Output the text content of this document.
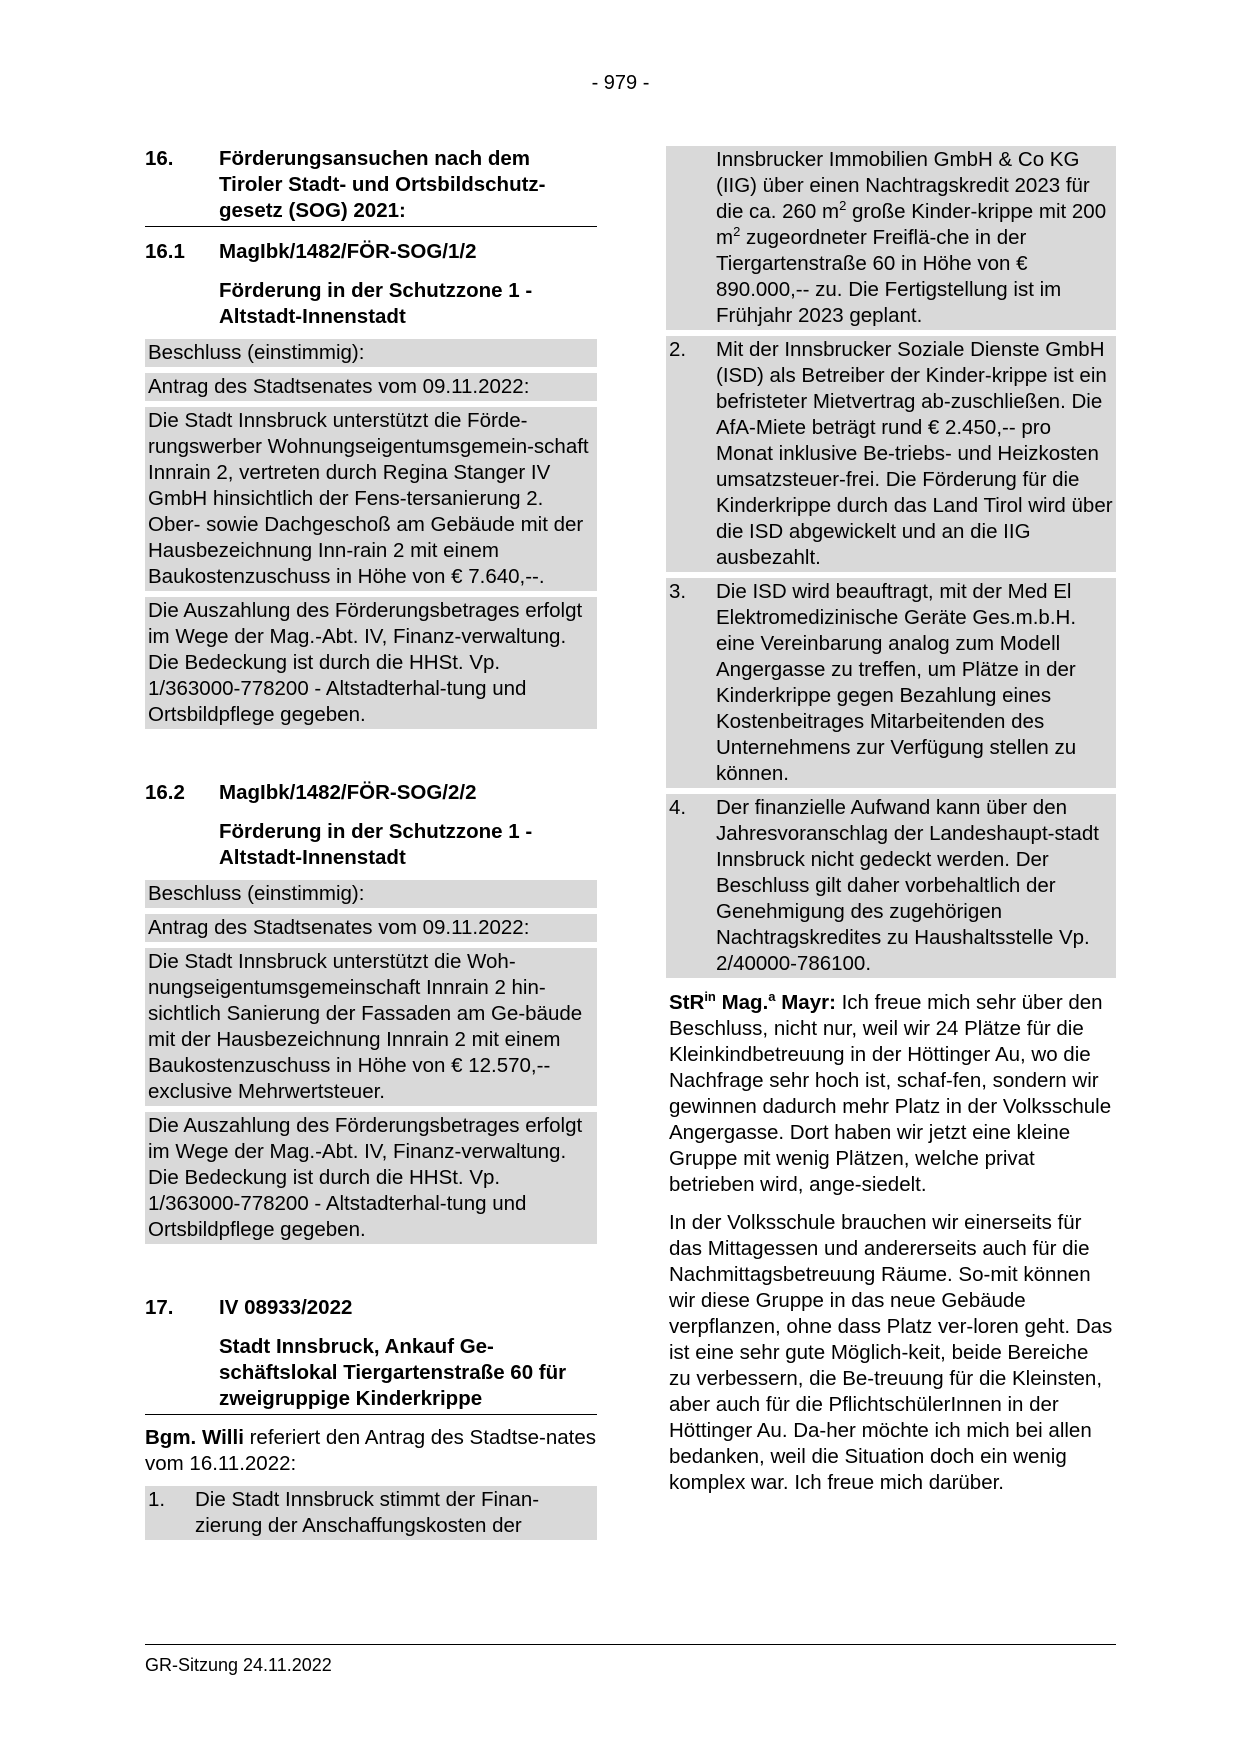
- 979 -
16.	Förderungsansuchen nach dem Tiroler Stadt- und Ortsbildschutz-gesetz (SOG) 2021:
16.1	MagIbk/1482/FÖR-SOG/1/2
Förderung in der Schutzzone 1 - Altstadt-Innenstadt
Beschluss (einstimmig):
Antrag des Stadtsenates vom 09.11.2022:
Die Stadt Innsbruck unterstützt die Förde-rungswerber Wohnungseigentumsgemein-schaft Innrain 2, vertreten durch Regina Stanger IV GmbH hinsichtlich der Fens-tersanierung 2. Ober- sowie Dachgeschoß am Gebäude mit der Hausbezeichnung Inn-rain 2 mit einem Baukostenzuschuss in Höhe von € 7.640,--.
Die Auszahlung des Förderungsbetrages erfolgt im Wege der Mag.-Abt. IV, Finanz-verwaltung. Die Bedeckung ist durch die HHSt. Vp. 1/363000-778200 - Altstadterhal-tung und Ortsbildpflege gegeben.
16.2	MagIbk/1482/FÖR-SOG/2/2
Förderung in der Schutzzone 1 - Altstadt-Innenstadt
Beschluss (einstimmig):
Antrag des Stadtsenates vom 09.11.2022:
Die Stadt Innsbruck unterstützt die Woh-nungseigentumsgemeinschaft Innrain 2 hin-sichtlich Sanierung der Fassaden am Ge-bäude mit der Hausbezeichnung Innrain 2 mit einem Baukostenzuschuss in Höhe von € 12.570,-- exclusive Mehrwertsteuer.
Die Auszahlung des Förderungsbetrages erfolgt im Wege der Mag.-Abt. IV, Finanz-verwaltung. Die Bedeckung ist durch die HHSt. Vp. 1/363000-778200 - Altstadterhal-tung und Ortsbildpflege gegeben.
17.	IV 08933/2022
Stadt Innsbruck, Ankauf Ge-schäftslokal Tiergartenstraße 60 für zweigruppige Kinderkrippe
Bgm. Willi referiert den Antrag des Stadtse-nates vom 16.11.2022:
1.	Die Stadt Innsbruck stimmt der Finan-zierung der Anschaffungskosten der
Innsbrucker Immobilien GmbH & Co KG (IIG) über einen Nachtragskredit 2023 für die ca. 260 $m^2$ große Kinder-krippe mit 200 $m^2$ zugeordneter Freiflä-che in der Tiergartenstraße 60 in Höhe von € 890.000,-- zu. Die Fertigstellung ist im Frühjahr 2023 geplant.
2.	Mit der Innsbrucker Soziale Dienste GmbH (ISD) als Betreiber der Kinder-krippe ist ein befristeter Mietvertrag ab-zuschließen. Die AfA-Miete beträgt rund € 2.450,-- pro Monat inklusive Be-triebs- und Heizkosten umsatzsteuer-frei. Die Förderung für die Kinderkrippe durch das Land Tirol wird über die ISD abgewickelt und an die IIG ausbezahlt.
3.	Die ISD wird beauftragt, mit der Med El Elektromedizinische Geräte Ges.m.b.H. eine Vereinbarung analog zum Modell Angergasse zu treffen, um Plätze in der Kinderkrippe gegen Bezahlung eines Kostenbeitrages Mitarbeitenden des Unternehmens zur Verfügung stellen zu können.
4.	Der finanzielle Aufwand kann über den Jahresvoranschlag der Landeshaupt-stadt Innsbruck nicht gedeckt werden. Der Beschluss gilt daher vorbehaltlich der Genehmigung des zugehörigen Nachtragskredites zu Haushaltsstelle Vp. 2/40000-786100.
StR$^{in}$ Mag.$^a$ Mayr: Ich freue mich sehr über den Beschluss, nicht nur, weil wir 24 Plätze für die Kleinkindbetreuung in der Höttinger Au, wo die Nachfrage sehr hoch ist, schaf-fen, sondern wir gewinnen dadurch mehr Platz in der Volksschule Angergasse. Dort haben wir jetzt eine kleine Gruppe mit wenig Plätzen, welche privat betrieben wird, ange-siedelt.
In der Volksschule brauchen wir einerseits für das Mittagessen und andererseits auch für die Nachmittagsbetreuung Räume. So-mit können wir diese Gruppe in das neue Gebäude verpflanzen, ohne dass Platz ver-loren geht. Das ist eine sehr gute Möglich-keit, beide Bereiche zu verbessern, die Be-treuung für die Kleinsten, aber auch für die PflichtschülerInnen in der Höttinger Au. Da-her möchte ich mich bei allen bedanken, weil die Situation doch ein wenig komplex war. Ich freue mich darüber.
GR-Sitzung 24.11.2022
